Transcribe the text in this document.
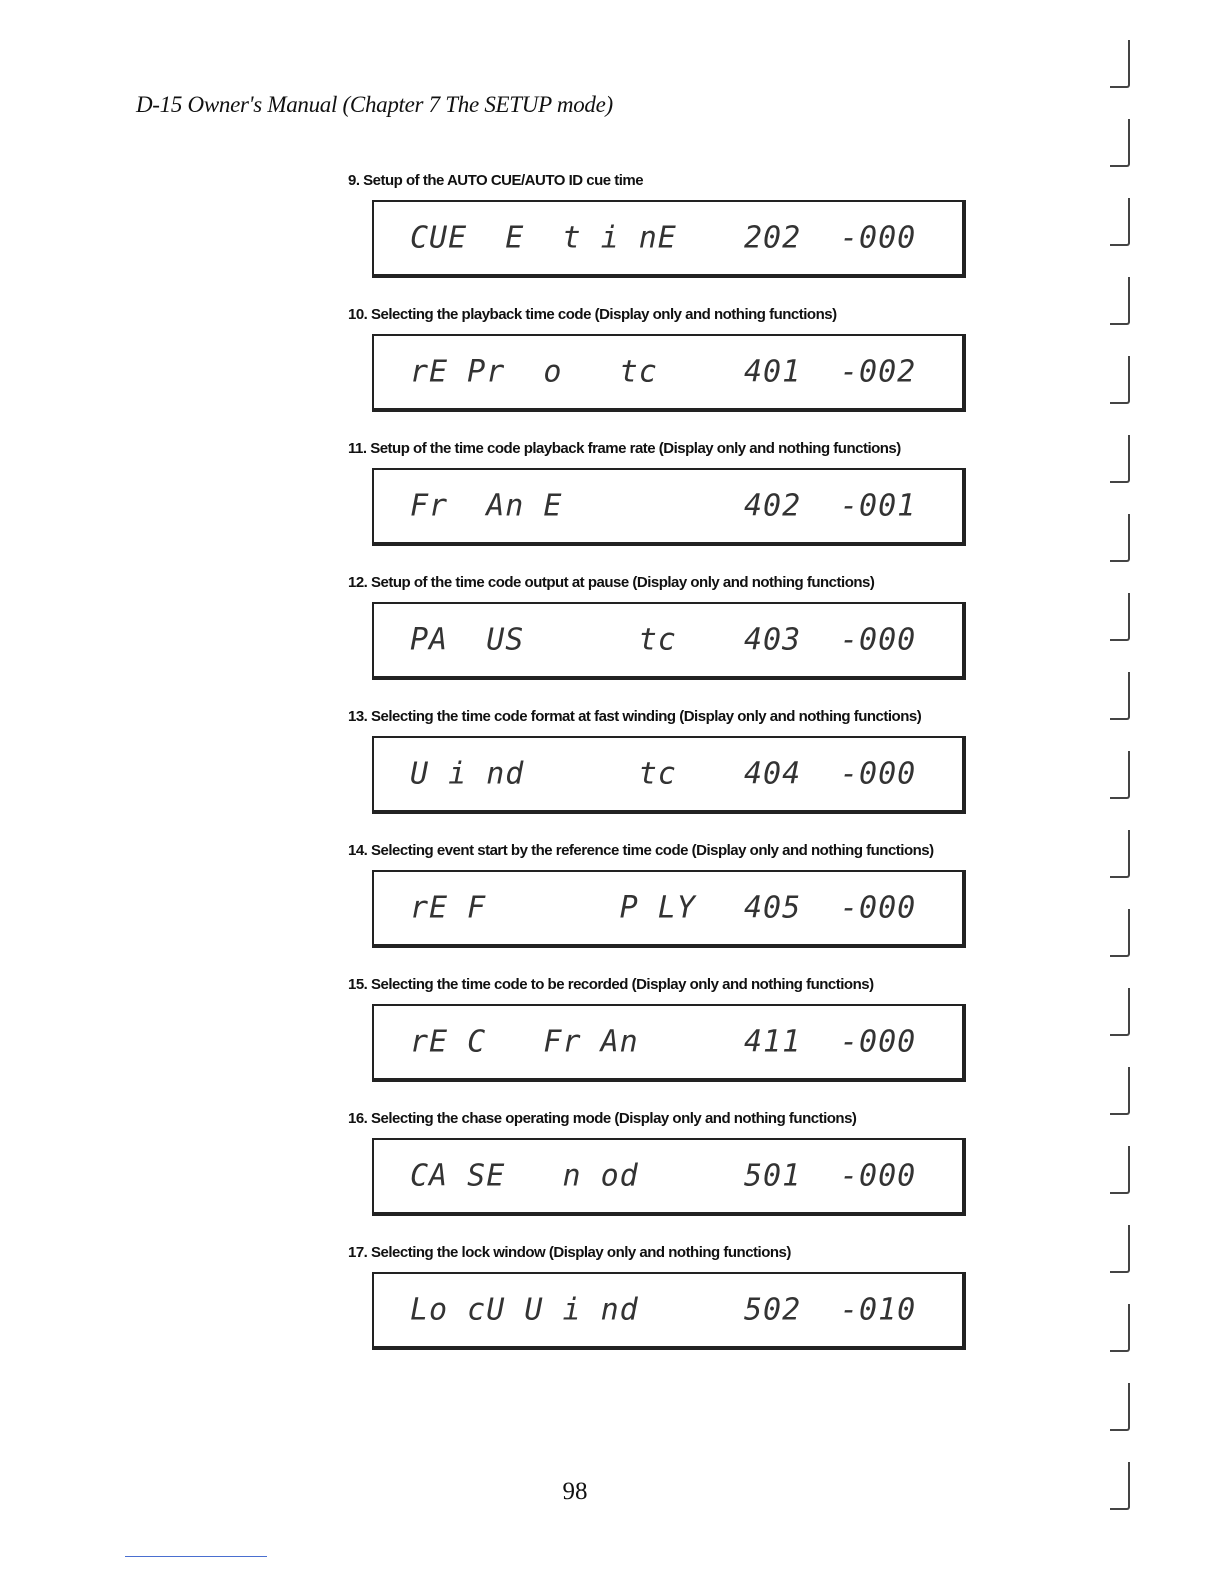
D-15 Owner's Manual (Chapter 7 The SETUP mode)
9. Setup of the AUTO CUE/AUTO ID cue time
CUE  E  t i nE 202 -000
10. Selecting the playback time code (Display only and nothing functions)
rE Pr  o   tc	401 -002
11. Setup of the time code playback frame rate (Display only and nothing functions)
Fr  An E	402 -001
12. Setup of the time code output at pause (Display only and nothing functions)
PA  US      tc 403 -000
13. Selecting the time code format at fast winding (Display only and nothing functions)
U i nd      tc 404 -000
14. Selecting event start by the reference time code (Display only and nothing functions)
rE F       P LY 405 -000
15. Selecting the time code to be recorded (Display only and nothing functions)
rE C   Fr An	411 -000
16. Selecting the chase operating mode (Display only and nothing functions)
CA SE   n od	501 -000
17. Selecting the lock window (Display only and nothing functions)
Lo cU U i nd	502 -010
98
